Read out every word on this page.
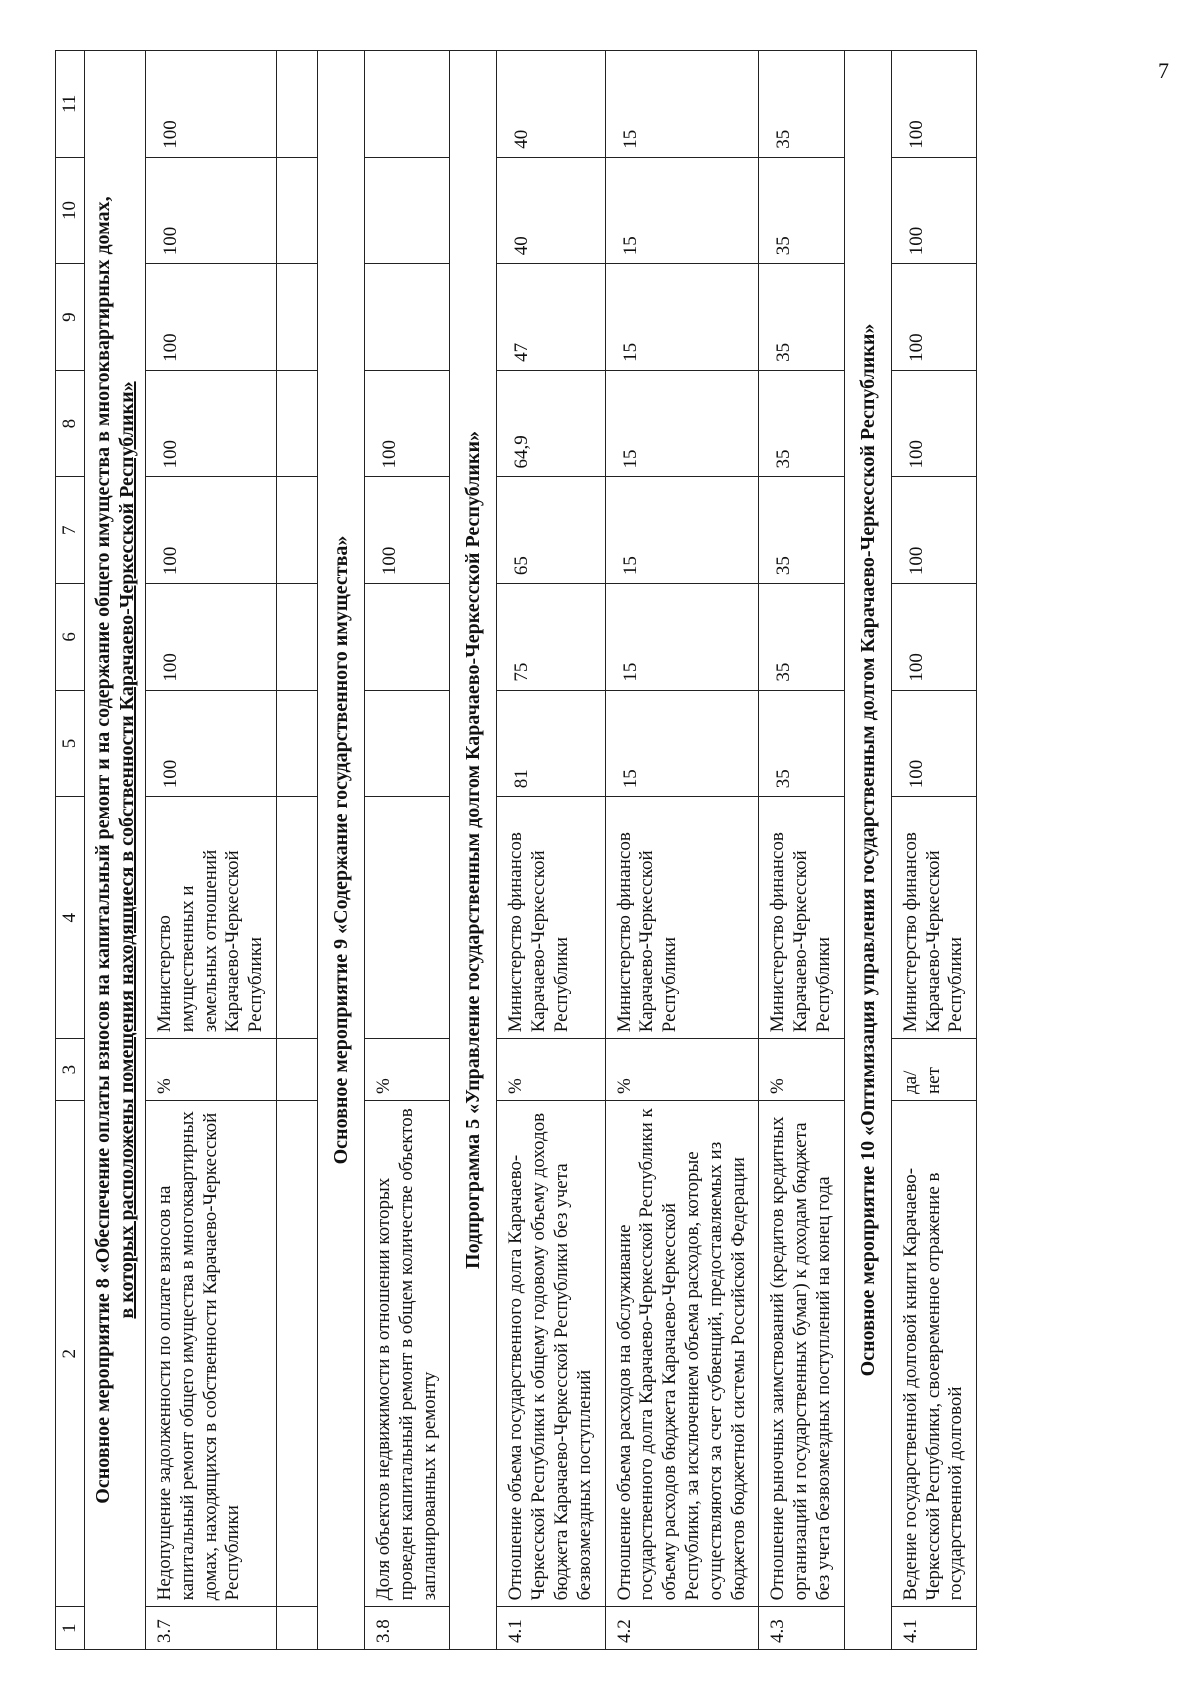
7
1	2	3	4	5	6	7	8	9	10	11

Основное мероприятие 8 «Обеспечение оплаты взносов на капитальный ремонт и на содержание общего имущества в многоквартирных домах, в которых расположены помещения находящиеся в собственности Карачаево-Черкесской Республики»										

3.7	Недопущение задолженности по оплате взносов на капитальный ремонт общего имущества в многоквартирных домах, находящихся в собственности Карачаево-Черкесской Республики	%	Министерство имущественных и земельных отношений Карачаево-Черкесской Республики	100	100	100	100	100	100	100

Основное мероприятие 9 «Содержание государственного имущества»										
3.8	Доля объектов недвижимости в отношении которых проведен капитальный ремонт в общем количестве объектов запланированных к ремонту	%				100	100			
Подпрограмма 5 «Управление государственным долгом Карачаево-Черкесской Республики»										
4.1	Отношение объема государственного долга Карачаево-Черкесской Республики к общему годовому объему доходов бюджета Карачаево-Черкесской Республики без учета безвозмездных поступлений	%	Министерство финансов Карачаево-Черкесской Республики	81	75	65	64,9	47	40	40
4.2	Отношение объема расходов на обслуживание государственного долга Карачаево-Черкесской Республики к объему расходов бюджета Карачаево-Черкесской Республики, за исключением объема расходов, которые осуществляются за счет субвенций, предоставляемых из бюджетов бюджетной системы Российской Федерации	%	Министерство финансов Карачаево-Черкесской Республики	15	15	15	15	15	15	15
4.3	Отношение рыночных заимствований (кредитов кредитных организаций и государственных бумаг) к доходам бюджета без учета безвозмездных поступлений на конец года	%	Министерство финансов Карачаево-Черкесской Республики	35	35	35	35	35	35	35
Основное мероприятие 10 «Оптимизация управления государственным долгом Карачаево-Черкесской Республики»										
4.1	Ведение государственной долговой книги Карачаево-Черкесской Республики, своевременное отражение в государственной долговой	да/нет	Министерство финансов Карачаево-Черкесской Республики	100	100	100	100	100	100	100
